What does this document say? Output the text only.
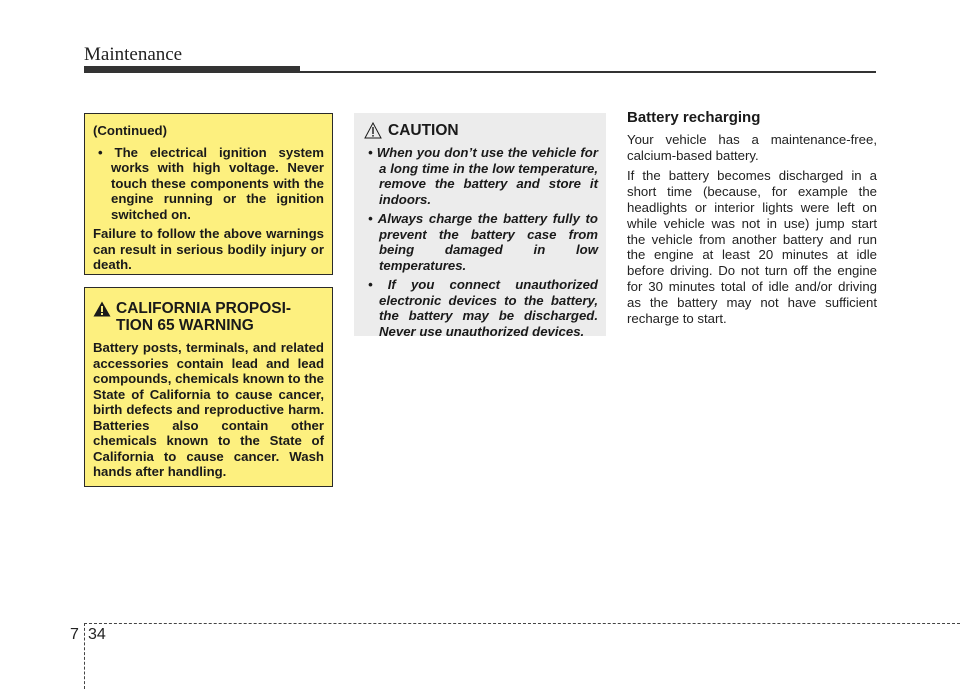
Maintenance

(Continued)

• The electrical ignition system works with high voltage. Never touch these components with the engine running or the ignition switched on.

Failure to follow the above warnings can result in serious bodily injury or death.

CALIFORNIA PROPOSI-
TION 65 WARNING

Battery posts, terminals, and related accessories contain lead and lead compounds, chemicals known to the State of California to cause cancer, birth defects and reproductive harm. Batteries also contain other chemicals known to the State of California to cause cancer. Wash hands after handling.

CAUTION

• When you don’t use the vehicle for a long time in the low temperature, remove the battery and store it indoors.

• Always charge the battery fully to prevent the battery case from being damaged in low temperatures.

• If you connect unauthorized electronic devices to the battery, the battery may be discharged. Never use unauthorized devices.

Battery recharging

Your vehicle has a maintenance-free, calcium-based battery.

If the battery becomes discharged in a short time (because, for example the headlights or interior lights were left on while vehicle was not in use) jump start the vehicle from another battery and run the engine at least 20 minutes at idle before driving. Do not turn off the engine for 30 minutes total of idle and/or driving as the battery may not have sufficient recharge to start.

7 34
